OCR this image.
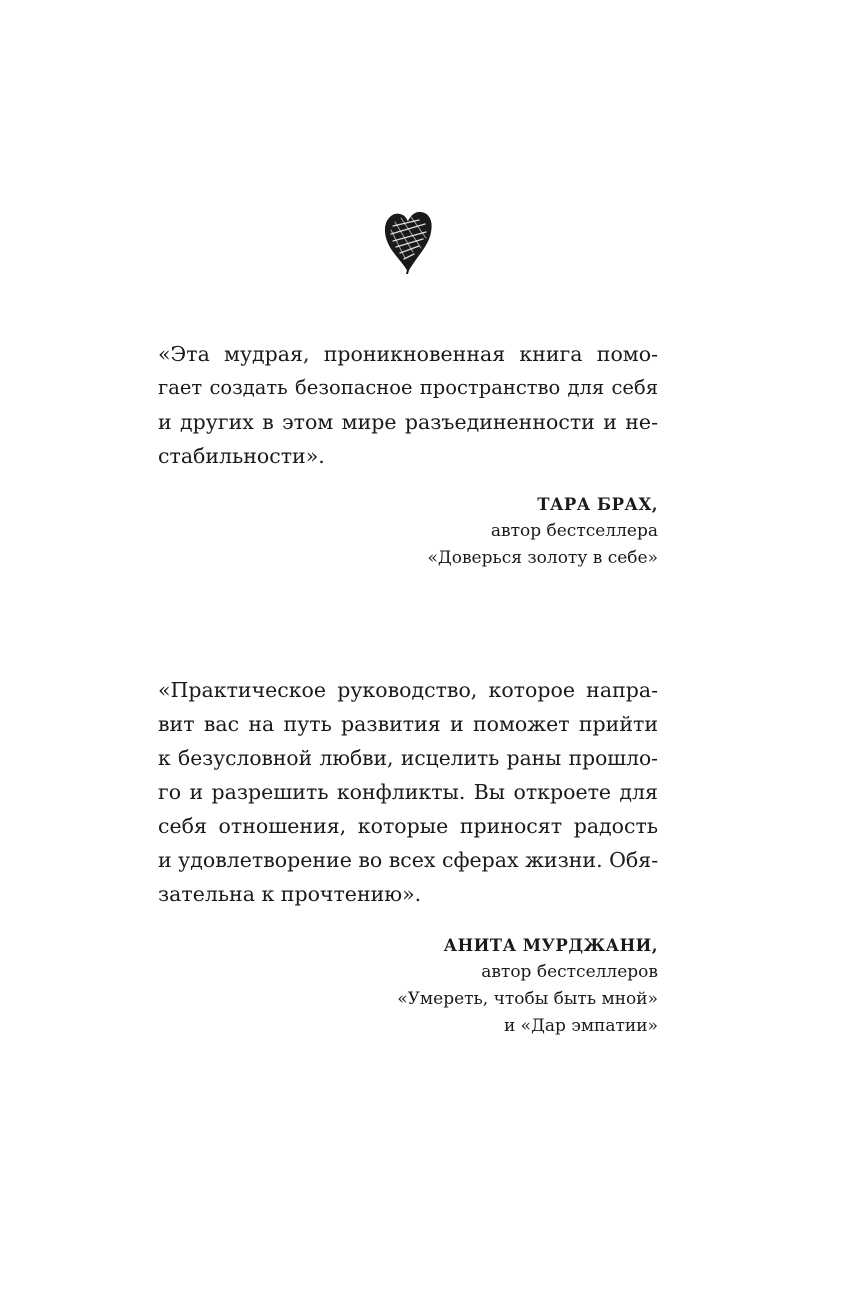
«Эта мудрая, проникновенная книга помо-
гает создать безопасное пространство для себя
и других в этом мире разъединенности и не-
стабильности».
ТАРА БРАХ,
автор бестселлера
«Доверься золоту в себе»
«Практическое руководство, которое напра-
вит вас на путь развития и поможет прийти
к безусловной любви, исцелить раны прошло-
го и разрешить конфликты. Вы откроете для
себя отношения, которые приносят радость
и удовлетворение во всех сферах жизни. Обя-
зательна к прочтению».
АНИТА МУРДЖАНИ,
автор бестселлеров
«Умереть, чтобы быть мной»
и «Дар эмпатии»
